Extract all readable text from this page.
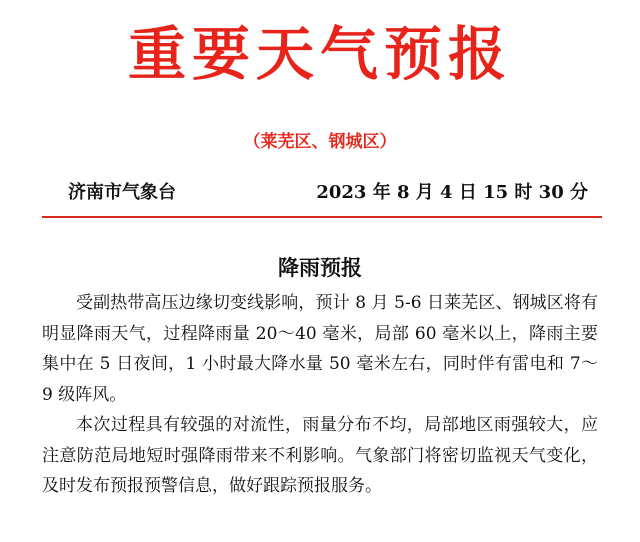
重要天气预报
（莱芜区、钢城区）
济南市气象台	2023 年 8 月 4 日 15 时 30 分
降雨预报

受副热带高压边缘切变线影响，预计 8 月 5-6 日莱芜区、钢城区将有明显降雨天气，过程降雨量 20～40 毫米，局部 60 毫米以上，降雨主要集中在 5 日夜间，1 小时最大降水量 50 毫米左右，同时伴有雷电和 7～9 级阵风。

本次过程具有较强的对流性，雨量分布不均，局部地区雨强较大，应注意防范局地短时强降雨带来不利影响。气象部门将密切监视天气变化，及时发布预报预警信息，做好跟踪预报服务。
